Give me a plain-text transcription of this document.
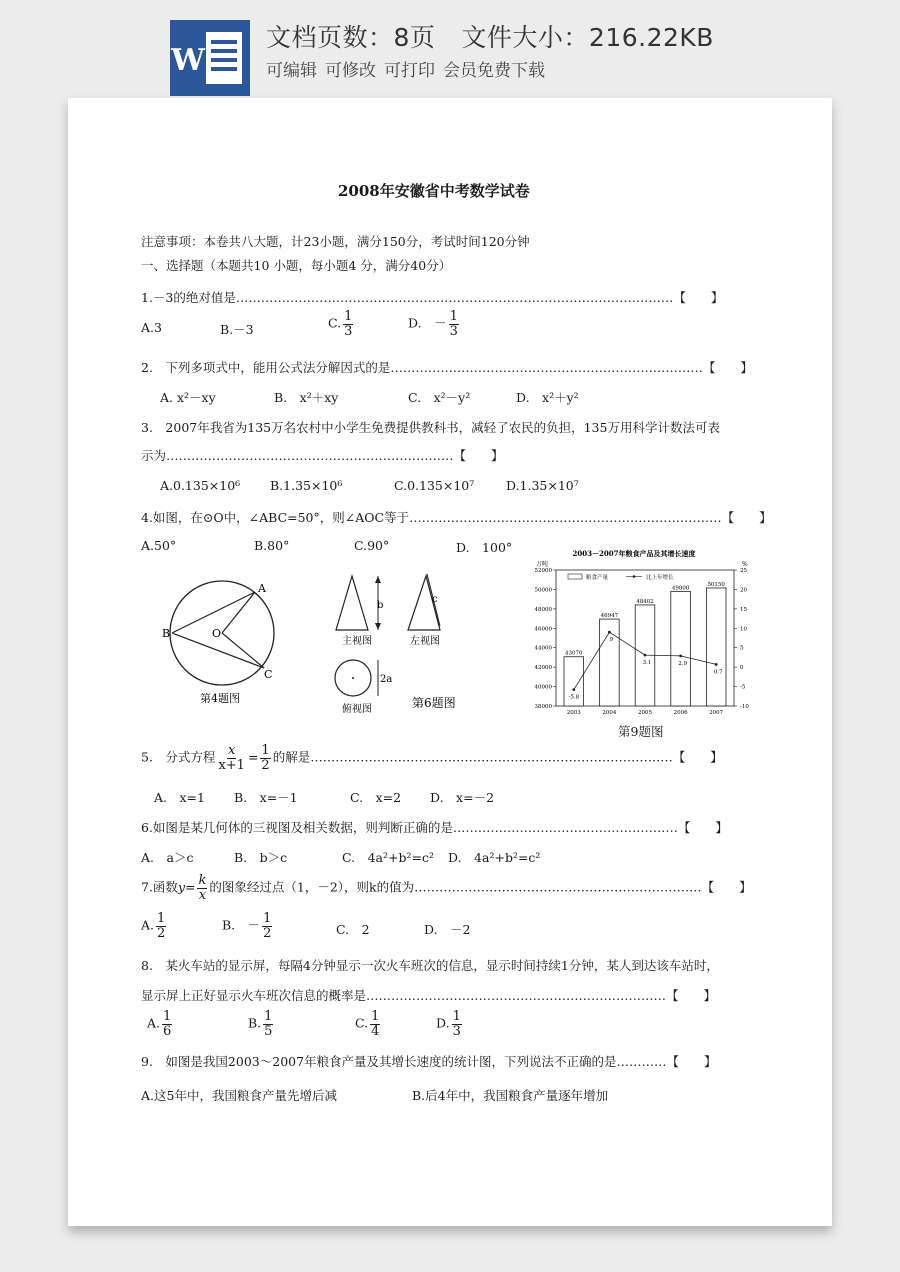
W
文档页数：8页 文件大小：216.22KB
可编辑 可修改 可打印 会员免费下载
2008年安徽省中考数学试卷
注意事项：本卷共八大题，计23小题，满分150分，考试时间120分钟
一、选择题（本题共10 小题，每小题4 分，满分40分）
1.－3的绝对值是……………………………………………………………………………………………【　　】
A.3	B.－3	C. $\frac{1}{3}$	D.　－ $\frac{1}{3}$
2.　下列多项式中，能用公式法分解因式的是…………………………………………………………………【　　】
A. x²－xy	B.　x²＋xy	C.　x²－y²	D.　x²＋y²
3.　2007年我省为135万名农村中小学生免费提供教科书，减轻了农民的负担，135万用科学计数法可表
示为……………………………………………………………【　　】
A.0.135×10⁶ B.1.35×10⁶	C.0.135×10⁷	D.1.35×10⁷
4.如图，在⊙O中，∠ABC=50°，则∠AOC等于…………………………………………………………………【　　】
A.50°	B.80°	C.90°	D.　100°
A
B	O
C
第4题图
b
主视图
c
左视图
2a
俯视图	第6题图
2003－2007年粮食产品及其增长速度
万吨	%
粮食产量	比上年增长
38000
40000
42000
44000
46000
48000
50000
52000
-10
-5
0
5
10
15
20
25
43070
46947
48402
49800
50150
-5.8
9
3.1	2.9
0.7
2003	2004	2005	2006	2007
第9题图
5.　分式方程 $\frac{x}{x+1} = \frac{1}{2}$ 的解是……………………………………………………………………………【　　】
A.　x=1 B.　x=－1	C.　x=2 D.　x=－2
6.如图是某几何体的三视图及相关数据，则判断正确的是………………………………………………【　　】
A.　a＞c	B.　b＞c	C.　4a²+b²=c² D.　4a²+b²=c²
7.函数$y= \frac{k}{x}$ 的图象经过点（1，－2），则k的值为……………………………………………………………【　　】
A. $\frac{1}{2}$	B.　－ $\frac{1}{2}$	C.　2	D.　－2
8.　某火车站的显示屏，每隔4分钟显示一次火车班次的信息，显示时间持续1分钟，某人到达该车站时，
显示屏上正好显示火车班次信息的概率是………………………………………………………………【　　】
A. $\frac{1}{6}$	B. $\frac{1}{5}$	C. $\frac{1}{4}$	D. $\frac{1}{3}$
9.　如图是我国2003～2007年粮食产量及其增长速度的统计图，下列说法不正确的是…………【　　】
A.这5年中，我国粮食产量先增后减	B.后4年中，我国粮食产量逐年增加
